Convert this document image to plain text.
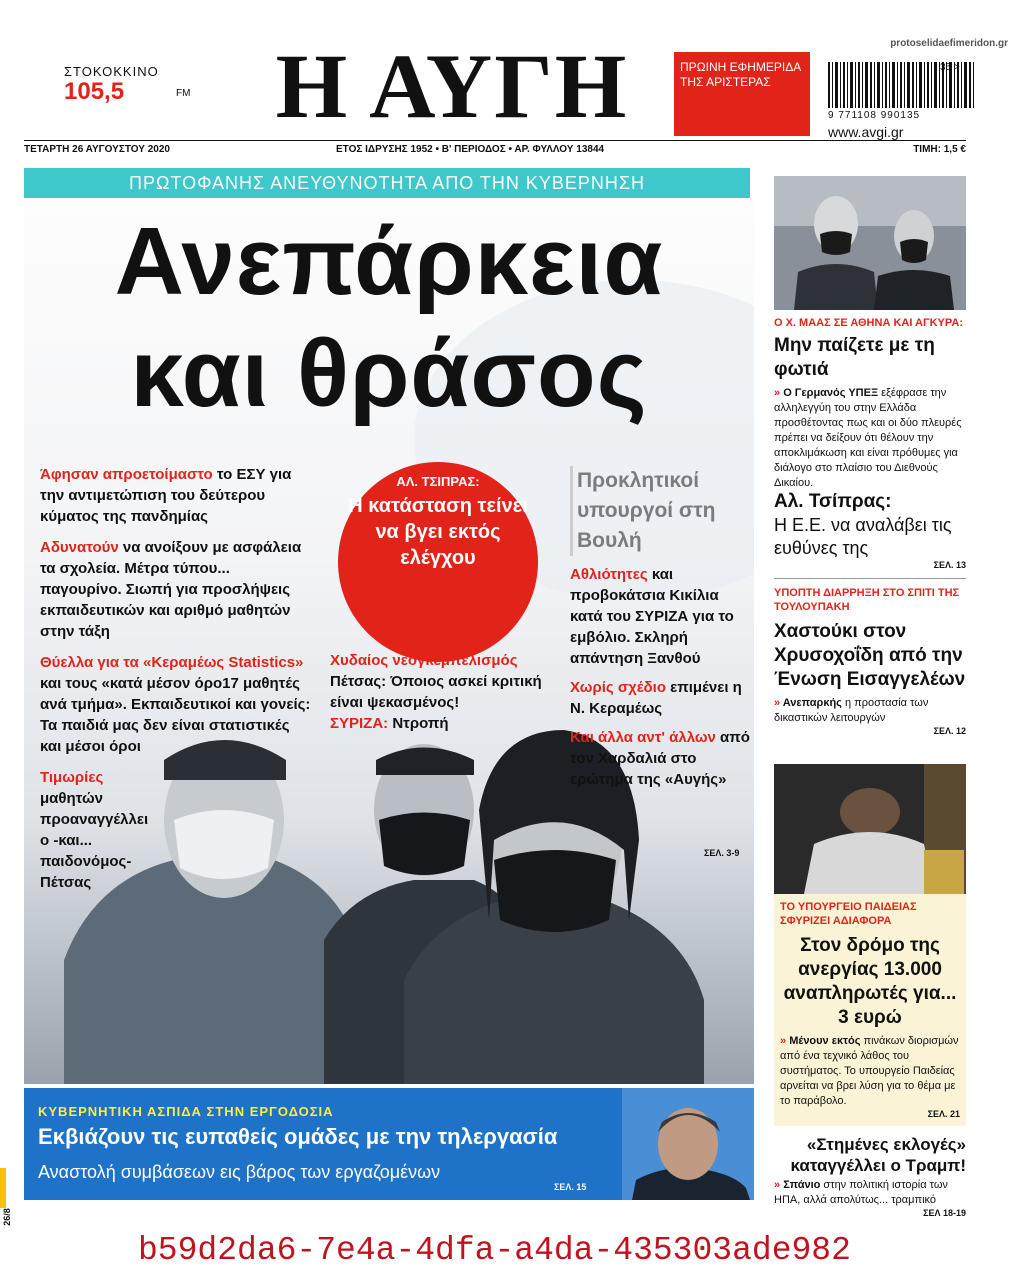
protoselidaefimeridon.gr
ΣΤΟΚΟΚΚΙΝΟ
105,5	FM Η ΑΥΓΗ	ΠΡΩΙΝΗ ΕΦΗΜΕΡΙΔΑ ΤΗΣ ΑΡΙΣΤΕΡΑΣ
35 >
9 771108 990135
www.avgi.gr
ΤΕΤΑΡΤΗ 26 ΑΥΓΟΥΣΤΟΥ 2020	ΕΤΟΣ ΙΔΡΥΣΗΣ 1952 • Β' ΠΕΡΙΟΔΟΣ • ΑΡ. ΦΥΛΛΟΥ 13844	ΤΙΜΗ: 1,5 €
ΠΡΩΤΟΦΑΝΗΣ ΑΝΕΥΘΥΝΟΤΗΤΑ ΑΠΟ ΤΗΝ ΚΥΒΕΡΝΗΣΗ
Ανεπάρκεια
και θράσος

Άφησαν απροετοίμαστο το ΕΣΥ για την αντιμετώπιση του δεύτερου κύματος της πανδημίας

Αδυνατούν να ανοίξουν με ασφάλεια τα σχολεία. Μέτρα τύπου... παγουρίνο. Σιωπή για προσλήψεις εκπαιδευτικών και αριθμό μαθητών στην τάξη

Θύελλα για τα «Κεραμέως Statistics» και τους «κατά μέσον όρο17 μαθητές ανά τμήμα». Εκπαιδευτικοί και γονείς: Τα παιδιά μας δεν είναι στατιστικές και μέσοι όροι

Τιμωρίες μαθητών προαναγγέλλει ο -και... παιδονόμος- Πέτσας

ΑΛ. ΤΣΙΠΡΑΣ:
Η κατάσταση τείνει να βγει εκτός ελέγχου
Χυδαίος νεογκεμπελισμός
Πέτσας: Όποιος ασκεί κριτική είναι ψεκασμένος!
ΣΥΡΙΖΑ: Ντροπή
Προκλητικοί υπουργοί στη Βουλή

Αθλιότητες και προβοκάτσια Κικίλια κατά του ΣΥΡΙΖΑ για το εμβόλιο. Σκληρή απάντηση Ξανθού

Χωρίς σχέδιο επιμένει η Ν. Κεραμέως

Και άλλα αντ' άλλων από τον Χαρδαλιά στο ερώτημα της «Αυγής»

ΣΕΛ. 3-9
ΚΥΒΕΡΝΗΤΙΚΗ ΑΣΠΙΔΑ ΣΤΗΝ ΕΡΓΟΔΟΣΙΑ
Εκβιάζουν τις ευπαθείς ομάδες με την τηλεργασία
Αναστολή συμβάσεων εις βάρος των εργαζομένων
ΣΕΛ. 15
Ο Χ. ΜΑΑΣ ΣΕ ΑΘΗΝΑ ΚΑΙ ΑΓΚΥΡΑ:
Μην παίζετε με τη φωτιά
» Ο Γερμανός ΥΠΕΞ εξέφρασε την αλληλεγγύη του στην Ελλάδα προσθέτοντας πως και οι δύο πλευρές πρέπει να δείξουν ότι θέλουν την αποκλιμάκωση και είναι πρόθυμες για διάλογο στο πλαίσιο του Διεθνούς Δικαίου.
Αλ. Τσίπρας:
Η Ε.Ε. να αναλάβει τις ευθύνες της
ΣΕΛ. 13
ΥΠΟΠΤΗ ΔΙΑΡΡΗΞΗ ΣΤΟ ΣΠΙΤΙ ΤΗΣ ΤΟΥΛΟΥΠΑΚΗ
Χαστούκι στον Χρυσοχοΐδη από την Ένωση Εισαγγελέων
» Ανεπαρκής η προστασία των δικαστικών λειτουργών
ΣΕΛ. 12
ΤΟ ΥΠΟΥΡΓΕΙΟ ΠΑΙΔΕΙΑΣ ΣΦΥΡΙΖΕΙ ΑΔΙΑΦΟΡΑ
Στον δρόμο της ανεργίας 13.000 αναπληρωτές για... 3 ευρώ
» Μένουν εκτός πινάκων διορισμών από ένα τεχνικό λάθος του συστήματος. Το υπουργείο Παιδείας αρνείται να βρει λύση για το θέμα με το παράβολο.
ΣΕΛ. 21
«Στημένες εκλογές» καταγγέλλει ο Τραμπ!
» Σπάνιο στην πολιτική ιστορία των ΗΠΑ, αλλά απολύτως... τραμπικό
ΣΕΛ 18-19
26/8
b59d2da6-7e4a-4dfa-a4da-435303ade982
